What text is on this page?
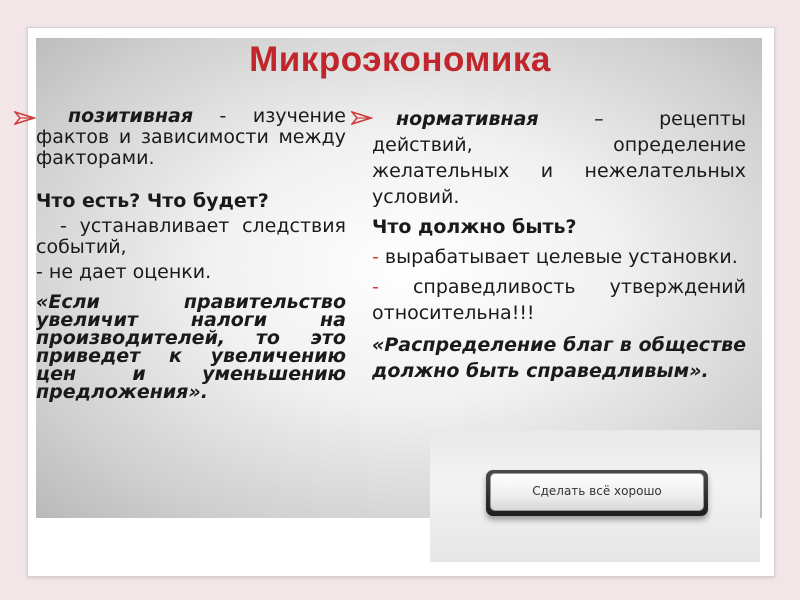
Микроэкономика

позитивная - изучение фактов и зависимости между факторами.

Что есть? Что будет?

- устанавливает следствия событий,

- не дает оценки.

«Если правительство увеличит налоги на производителей, то это приведет к увеличению цен и уменьшению предложения».

нормативная – рецепты действий, определение желательных и нежелательных условий.

Что должно быть?

- вырабатывает целевые установки.

- справедливость утверждений относительна!!!

«Распределение благ в обществе должно быть справедливым».

Сделать всё хорошо
